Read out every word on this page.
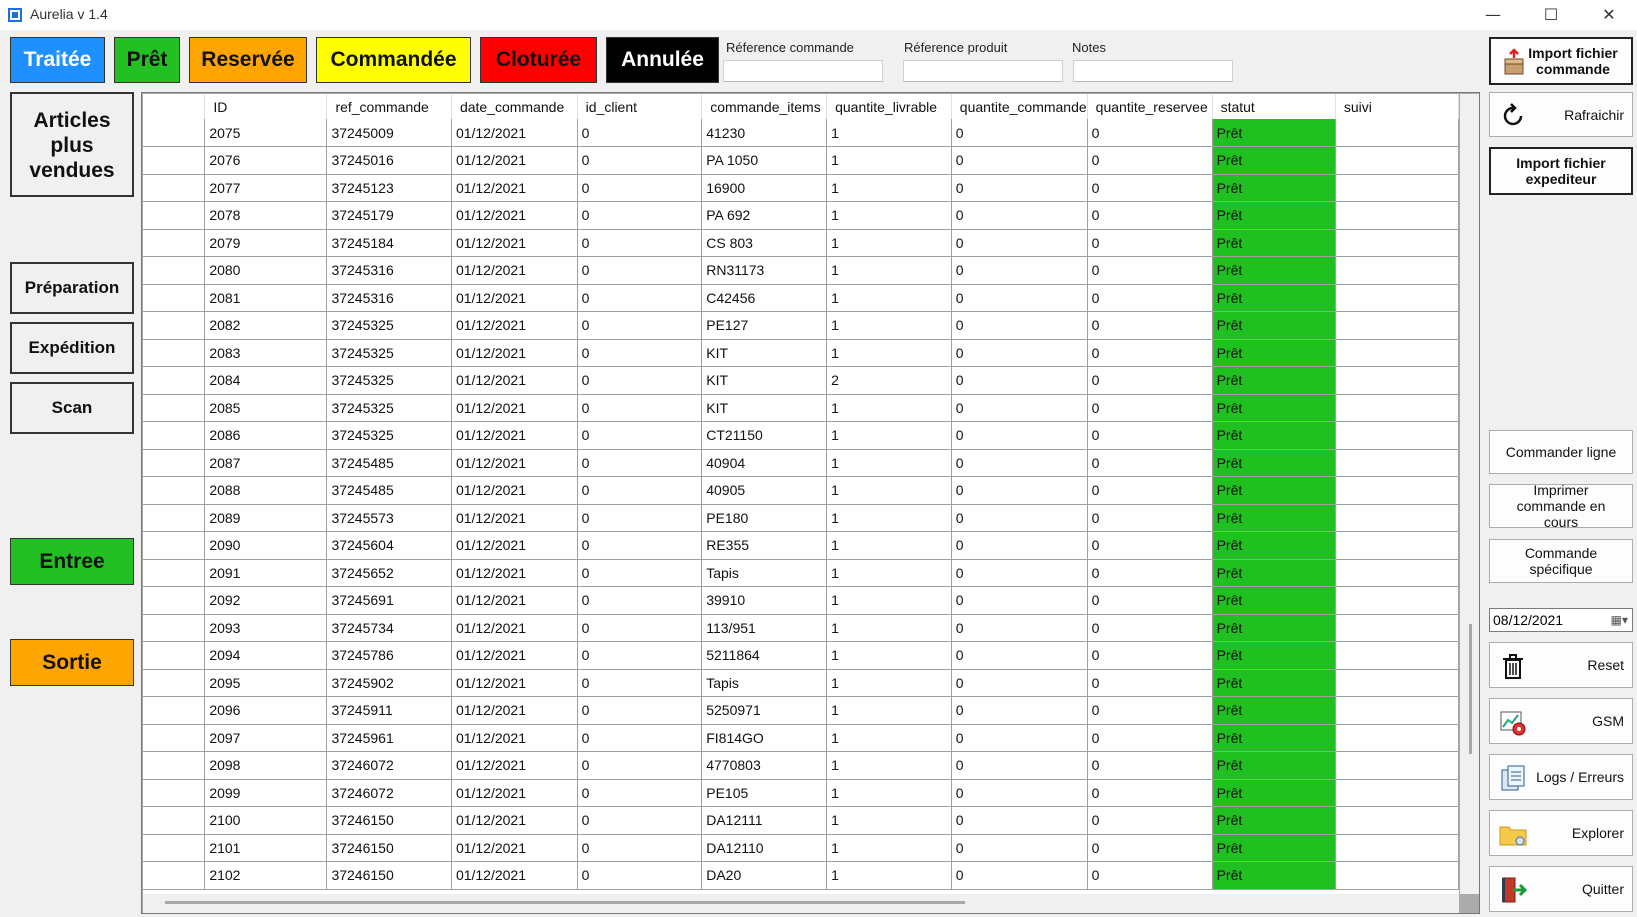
Aurelia v 1.4	—	☐	✕
Traitée	Prêt	Reservée	Commandée	Cloturée	Annulée
Réference commande	Réference produit	Notes
Articles plus vendues
Préparation
Expédition
Scan
Entree
Sortie
	ID	ref_commande	date_commande	id_client	commande_items	quantite_livrable	quantite_commande	quantite_reservee	statut	suivi
	2075	37245009	01/12/2021	0	41230	1	0	0	Prêt	
	2076	37245016	01/12/2021	0	PA 1050	1	0	0	Prêt	
	2077	37245123	01/12/2021	0	16900	1	0	0	Prêt	
	2078	37245179	01/12/2021	0	PA 692	1	0	0	Prêt	
	2079	37245184	01/12/2021	0	CS 803	1	0	0	Prêt	
	2080	37245316	01/12/2021	0	RN31173	1	0	0	Prêt	
	2081	37245316	01/12/2021	0	C42456	1	0	0	Prêt	
	2082	37245325	01/12/2021	0	PE127	1	0	0	Prêt	
	2083	37245325	01/12/2021	0	KIT	1	0	0	Prêt	
	2084	37245325	01/12/2021	0	KIT	2	0	0	Prêt	
	2085	37245325	01/12/2021	0	KIT	1	0	0	Prêt	
	2086	37245325	01/12/2021	0	CT21150	1	0	0	Prêt	
	2087	37245485	01/12/2021	0	40904	1	0	0	Prêt	
	2088	37245485	01/12/2021	0	40905	1	0	0	Prêt	
	2089	37245573	01/12/2021	0	PE180	1	0	0	Prêt	
	2090	37245604	01/12/2021	0	RE355	1	0	0	Prêt	
	2091	37245652	01/12/2021	0	Tapis	1	0	0	Prêt	
	2092	37245691	01/12/2021	0	39910	1	0	0	Prêt	
	2093	37245734	01/12/2021	0	113/951	1	0	0	Prêt	
	2094	37245786	01/12/2021	0	5211864	1	0	0	Prêt	
	2095	37245902	01/12/2021	0	Tapis	1	0	0	Prêt	
	2096	37245911	01/12/2021	0	5250971	1	0	0	Prêt	
	2097	37245961	01/12/2021	0	FI814GO	1	0	0	Prêt	
	2098	37246072	01/12/2021	0	4770803	1	0	0	Prêt	
	2099	37246072	01/12/2021	0	PE105	1	0	0	Prêt	
	2100	37246150	01/12/2021	0	DA12111	1	0	0	Prêt	
	2101	37246150	01/12/2021	0	DA12110	1	0	0	Prêt	
	2102	37246150	01/12/2021	0	DA20	1	0	0	Prêt	
Import fichier commande
Rafraichir
Import fichier expediteur
Commander ligne
Imprimer commande en cours
Commande spécifique
08/12/2021	▦▾
Reset
GSM
Logs / Erreurs
Explorer
Quitter
